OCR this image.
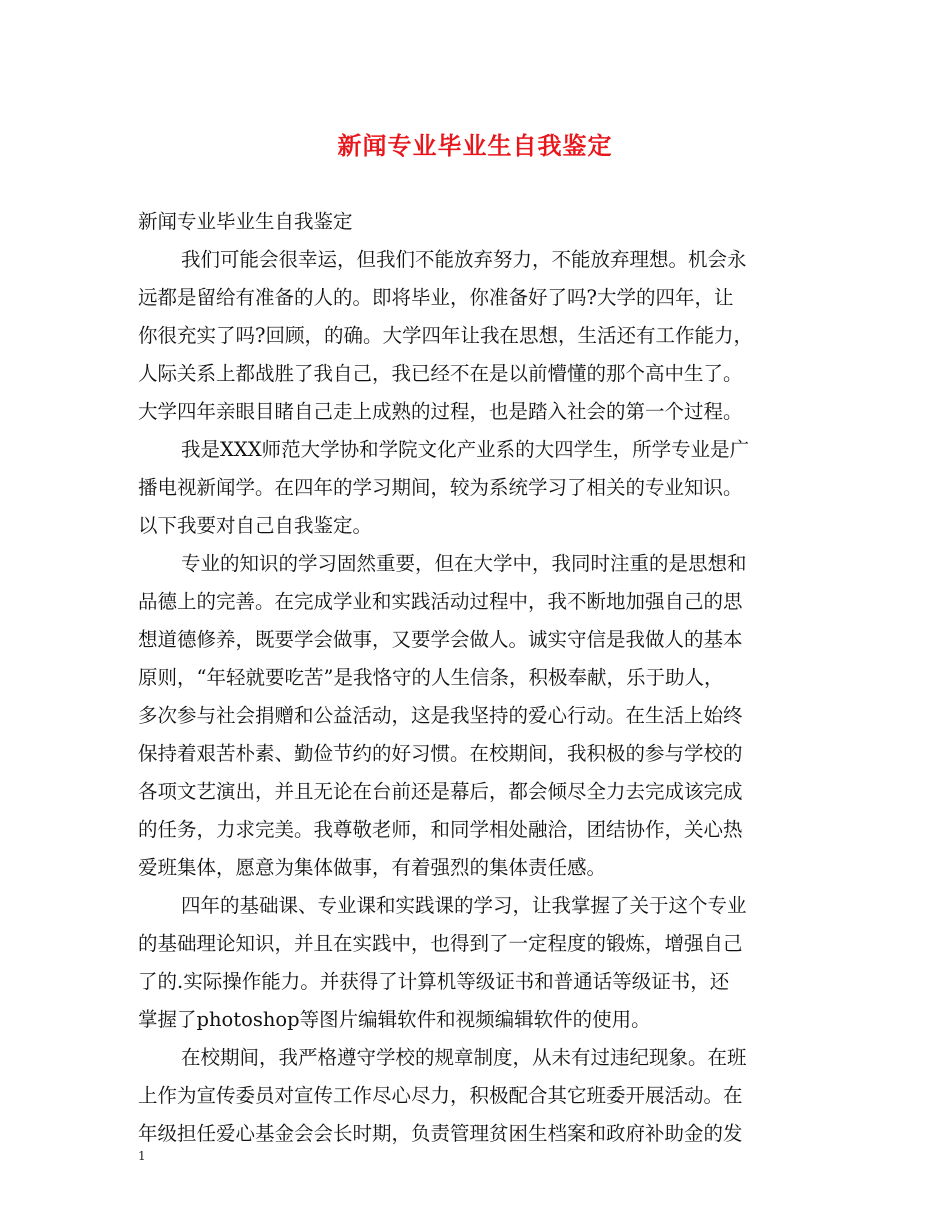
新闻专业毕业生自我鉴定
新闻专业毕业生自我鉴定
我们可能会很幸运，但我们不能放弃努力，不能放弃理想。机会永
远都是留给有准备的人的。即将毕业，你准备好了吗?大学的四年，让
你很充实了吗?回顾，的确。大学四年让我在思想，生活还有工作能力，
人际关系上都战胜了我自己，我已经不在是以前懵懂的那个高中生了。
大学四年亲眼目睹自己走上成熟的过程，也是踏入社会的第一个过程。
我是XXX师范大学协和学院文化产业系的大四学生，所学专业是广
播电视新闻学。在四年的学习期间，较为系统学习了相关的专业知识。
以下我要对自己自我鉴定。
专业的知识的学习固然重要，但在大学中，我同时注重的是思想和
品德上的完善。在完成学业和实践活动过程中，我不断地加强自己的思
想道德修养，既要学会做事，又要学会做人。诚实守信是我做人的基本
原则，“年轻就要吃苦”是我恪守的人生信条，积极奉献，乐于助人，
多次参与社会捐赠和公益活动，这是我坚持的爱心行动。在生活上始终
保持着艰苦朴素、勤俭节约的好习惯。在校期间，我积极的参与学校的
各项文艺演出，并且无论在台前还是幕后，都会倾尽全力去完成该完成
的任务，力求完美。我尊敬老师，和同学相处融洽，团结协作，关心热
爱班集体，愿意为集体做事，有着强烈的集体责任感。
四年的基础课、专业课和实践课的学习，让我掌握了关于这个专业
的基础理论知识，并且在实践中，也得到了一定程度的锻炼，增强自己
了的.实际操作能力。并获得了计算机等级证书和普通话等级证书，还
掌握了photoshop等图片编辑软件和视频编辑软件的使用。
在校期间，我严格遵守学校的规章制度，从未有过违纪现象。在班
上作为宣传委员对宣传工作尽心尽力，积极配合其它班委开展活动。在
年级担任爱心基金会会长时期，负责管理贫困生档案和政府补助金的发
1
